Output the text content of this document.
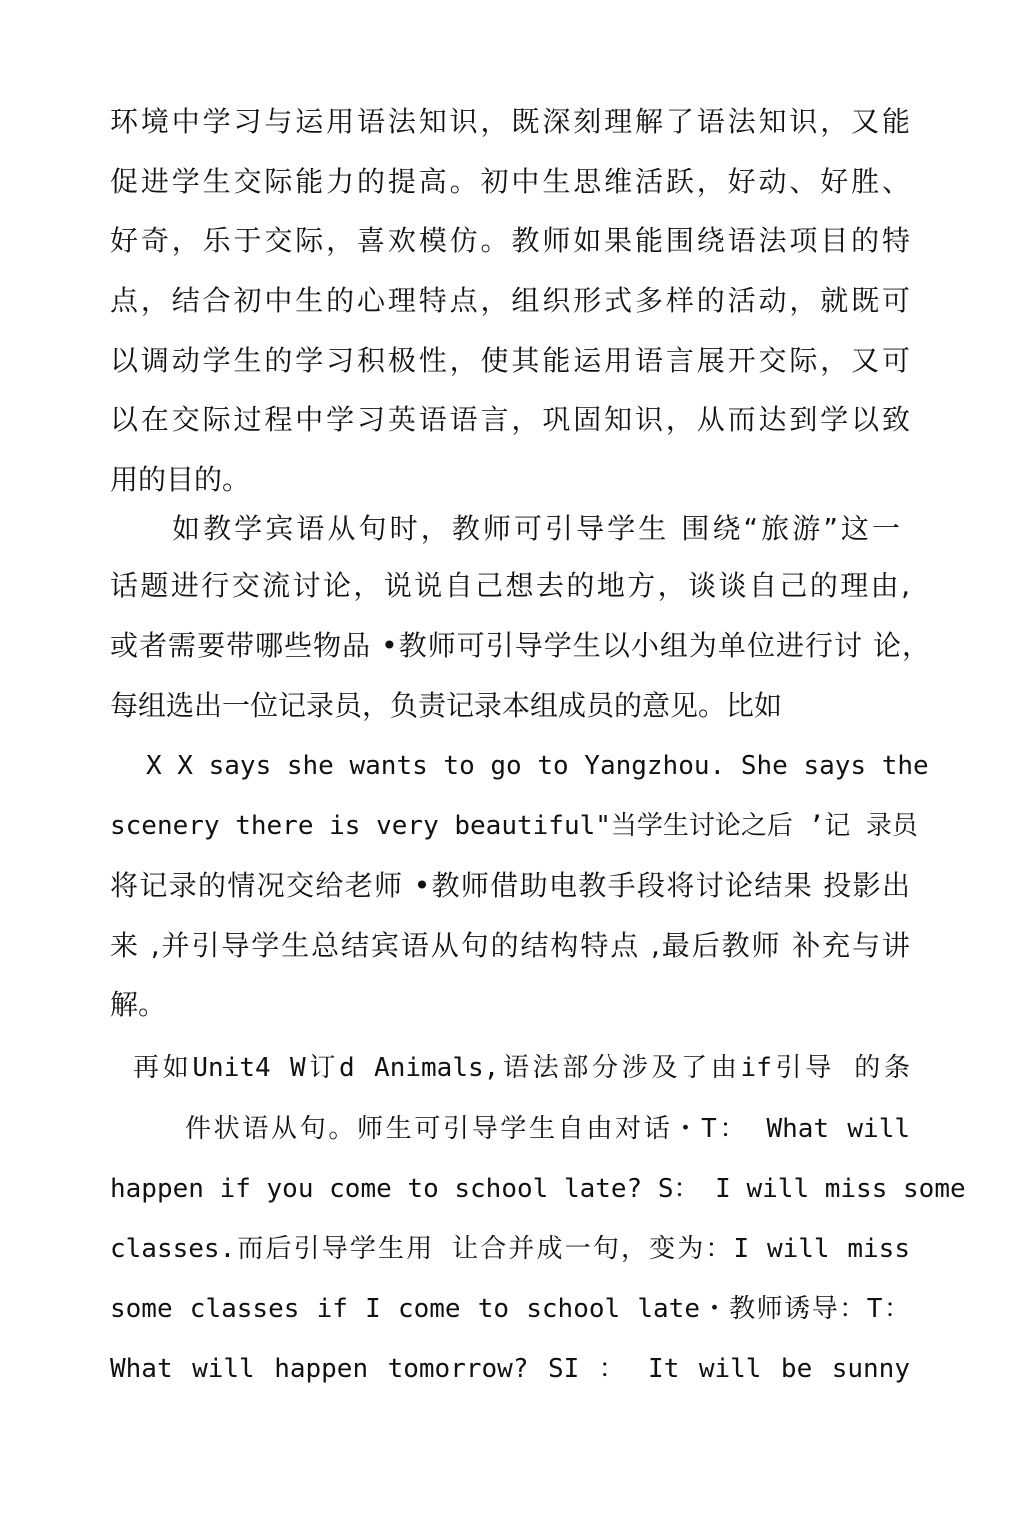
环境中学习与运用语法知识，既深刻理解了语法知识，又能
促进学生交际能力的提高。初中生思维活跃，好动、好胜、
好奇，乐于交际，喜欢模仿。教师如果能围绕语法项目的特
点，结合初中生的心理特点，组织形式多样的活动，就既可
以调动学生的学习积极性，使其能运用语言展开交际，又可
以在交际过程中学习英语语言，巩固知识，从而达到学以致
用的目的。
如教学宾语从句时，教师可引导学生 围绕“旅游”这一
话题进行交流讨论，说说自己想去的地方，谈谈自己的理由,
或者需要带哪些物品 •教师可引导学生以小组为单位进行讨 论，
每组选出一位记录员，负责记录本组成员的意见。比如
X X says she wants to go to Yangzhou. She says the
scenery there is very beautiful"当学生讨论之后 ’记 录员
将记录的情况交给老师 •教师借助电教手段将讨论结果 投影出
来 ,并引导学生总结宾语从句的结构特点 ,最后教师 补充与讲
解。
再如Unit4 W订d Animals,语法部分涉及了由if引导 的条
件状语从句。师生可引导学生自由对话・T： What will
happen if you come to school late? S： I will miss some
classes.而后引导学生用 让合并成一句，变为：I will miss
some classes if I come to school late・教师诱导：T：
What will happen tomorrow? SI ： It will be sunny
